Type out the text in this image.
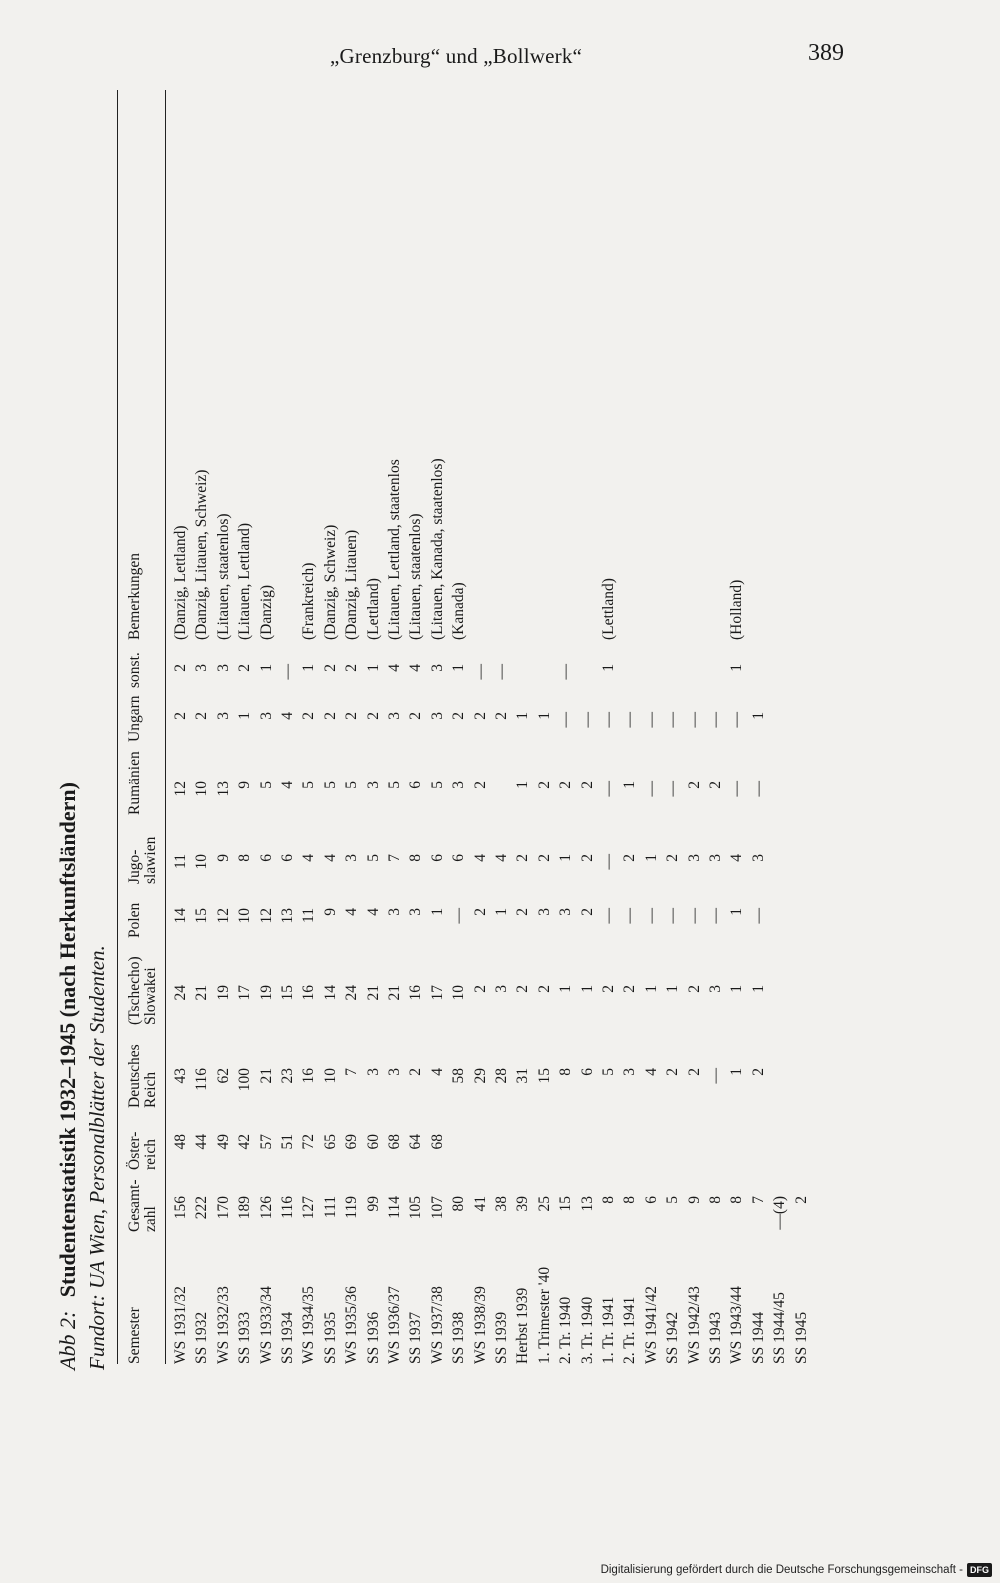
„Grenzburg“ und „Bollwerk“	389
Abb 2: Studentenstatistik 1932–1945 (nach Herkunftsländern) Fundort: UA Wien, Personalblätter der Studenten. Semester
Gesamt-
zahl
Öster-
reich
Deutsches
Reich
(Tschecho)
Slowakei
Polen
Jugo-
slawien
Rumänien
Ungarn
sonst.
Bemerkungen
WS 1931/32
156
48
43
24
14
11
12
2
2
(Danzig, Lettland)
SS 1932
222
44
116
21
15
10
10
2
3
(Danzig, Litauen, Schweiz)
WS 1932/33
170
49
62
19
12
9
13
3
3
(Litauen, staatenlos)
SS 1933
189
42
100
17
10
8
9
1
2
(Litauen, Lettland)
WS 1933/34
126
57
21
19
12
6
5
3
1
(Danzig)
SS 1934
116
51
23
15
13
6
4
4
—
WS 1934/35
127
72
16
16
11
4
5
2
1
(Frankreich)
SS 1935
111
65
10
14
9
4
5
2
2
(Danzig, Schweiz)
WS 1935/36
119
69
7
24
4
3
5
2
2
(Danzig, Litauen)
SS 1936
99
60
3
21
4
5
3
2
1
(Lettland)
WS 1936/37
114
68
3
21
3
7
5
3
4
(Litauen, Lettland, staatenlos
SS 1937
105
64
2
16
3
8
6
2
4
(Litauen, staatenlos)
WS 1937/38
107
68
4
17
1
6
5
3
3
(Litauen, Kanada, staatenlos)
SS 1938
80
58
10
—
6
3
2
1
(Kanada)
WS 1938/39
41
29
2
2
4
2
2
—
SS 1939
38
28
3
1
4
2
—
Herbst 1939
39
31
2
2
2
1
1
1. Trimester '40
25
15
2
3
2
2
1
2. Tr. 1940
15
8
1
3
1
2
—
—
3. Tr. 1940
13
6
1
2
2
2
—
1. Tr. 1941
8
5
2
—
—
—
—
1
(Lettland)
2. Tr. 1941
8
3
2
—
2
1
—
WS 1941/42
6
4
1
—
1
—
—
SS 1942
5
2
1
—
2
—
—
WS 1942/43
9
2
2
—
3
2
—
SS 1943
8
—
3
—
3
2
—
WS 1943/44
8
1
1
1
4
—
—
1
(Holland)
SS 1944
7
2
1
—
3
—
1
SS 1944/45
—(4)
SS 1945
2
Digitalisierung gefördert durch die Deutsche Forschungsgemeinschaft - DFG
